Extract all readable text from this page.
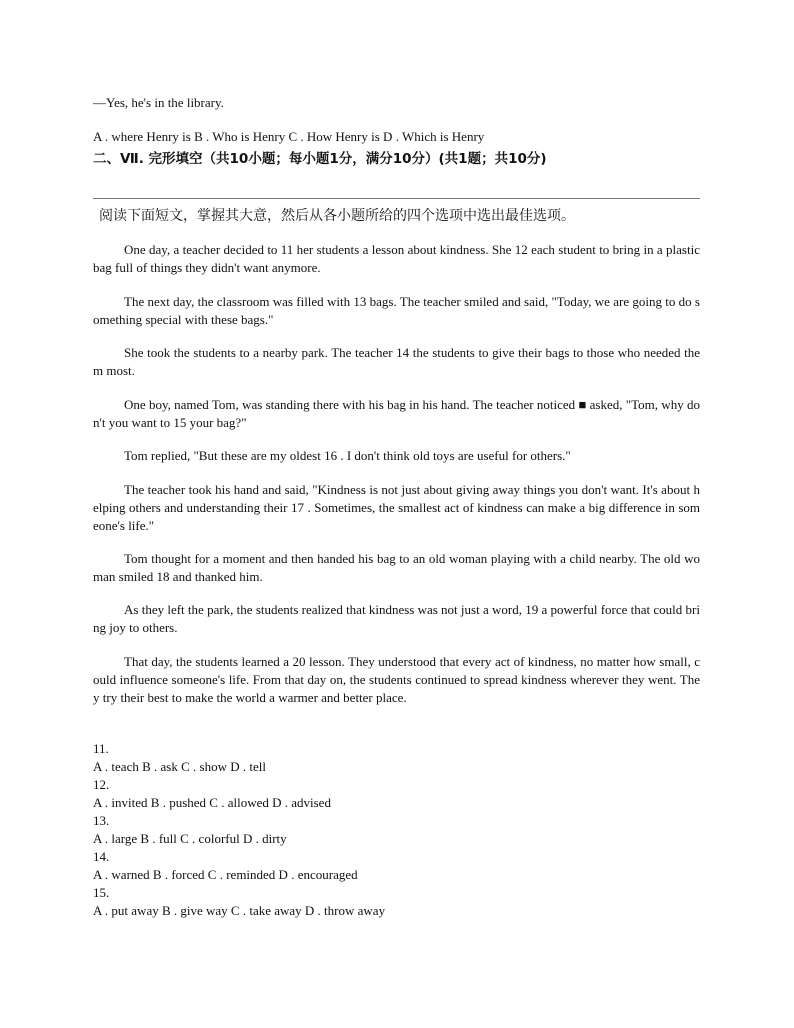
—Yes, he's in the library.
A . where Henry is B . Who is Henry C . How Henry is D . Which is Henry
二、Ⅶ. 完形填空（共10小题；每小题1分，满分10分）(共1题；共10分)
阅读下面短文，掌握其大意，然后从各小题所给的四个选项中选出最佳选项。
One day, a teacher decided to 11 her students a lesson about kindness. She 12 each student to bring in a plastic bag full of things they didn't want anymore.
The next day, the classroom was filled with 13 bags. The teacher smiled and said, "Today, we are going to do something special with these bags."
She took the students to a nearby park. The teacher 14 the students to give their bags to those who needed them most.
One boy, named Tom, was standing there with his bag in his hand. The teacher noticed ■ asked, "Tom, why don't you want to 15 your bag?"
Tom replied, "But these are my oldest 16 . I don't think old toys are useful for others."
The teacher took his hand and said, "Kindness is not just about giving away things you don't want. It's about helping others and understanding their 17 . Sometimes, the smallest act of kindness can make a big difference in someone's life."
Tom thought for a moment and then handed his bag to an old woman playing with a child nearby. The old woman smiled 18 and thanked him.
As they left the park, the students realized that kindness was not just a word, 19 a powerful force that could bring joy to others.
That day, the students learned a 20 lesson. They understood that every act of kindness, no matter how small, could influence someone's life. From that day on, the students continued to spread kindness wherever they went. They try their best to make the world a warmer and better place.
11.
A . teach B . ask C . show D . tell
12.
A . invited B . pushed C . allowed D . advised
13.
A . large B . full C . colorful D . dirty
14.
A . warned B . forced C . reminded D . encouraged
15.
A . put away B . give way C . take away D . throw away
